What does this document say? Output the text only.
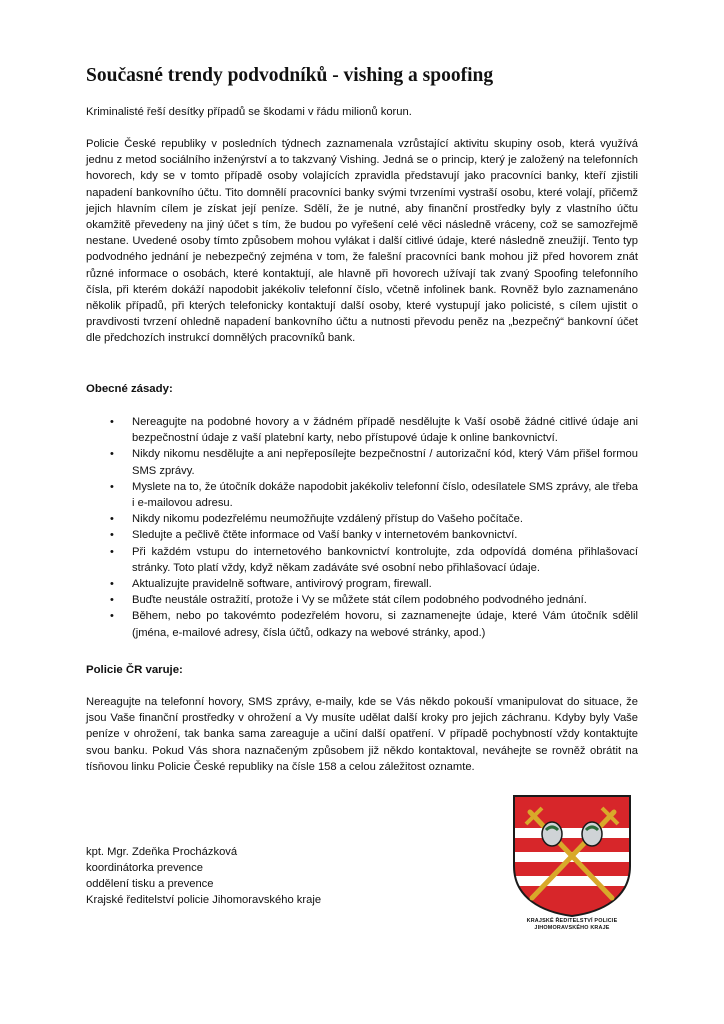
Současné trendy podvodníků - vishing a spoofing

Kriminalisté řeší desítky případů se škodami v řádu milionů korun.

Policie České republiky v posledních týdnech zaznamenala vzrůstající aktivitu skupiny osob, která využívá jednu z metod sociálního inženýrství a to takzvaný Vishing. Jedná se o princip, který je založený na telefonních hovorech, kdy se v tomto případě osoby volajících zpravidla představují jako pracovníci banky, kteří zjistili napadení bankovního účtu. Tito domnělí pracovníci banky svými tvrzeními vystraší osobu, které volají, přičemž jejich hlavním cílem je získat její peníze. Sdělí, že je nutné, aby finanční prostředky byly z vlastního účtu okamžitě převedeny na jiný účet s tím, že budou po vyřešení celé věci následně vráceny, což se samozřejmě nestane. Uvedené osoby tímto způsobem mohou vylákat i další citlivé údaje, které následně zneužijí. Tento typ podvodného jednání je nebezpečný zejména v tom, že falešní pracovníci bank mohou již před hovorem znát různé informace o osobách, které kontaktují, ale hlavně při hovorech užívají tak zvaný Spoofing telefonního čísla, při kterém dokáží napodobit jakékoliv telefonní číslo, včetně infolinek bank. Rovněž bylo zaznamenáno několik případů, při kterých telefonicky kontaktují další osoby, které vystupují jako policisté, s cílem ujistit o pravdivosti tvrzení ohledně napadení bankovního účtu a nutnosti převodu peněz na „bezpečný“ bankovní účet dle předchozích instrukcí domnělých pracovníků bank.

Obecné zásady:

• Nereagujte na podobné hovory a v žádném případě nesdělujte k Vaší osobě žádné citlivé údaje ani bezpečnostní údaje z vaší platební karty, nebo přístupové údaje k online bankovnictví.
• Nikdy nikomu nesdělujte a ani nepřeposílejte bezpečnostní / autorizační kód, který Vám přišel formou SMS zprávy.
• Myslete na to, že útočník dokáže napodobit jakékoliv telefonní číslo, odesílatele SMS zprávy, ale třeba i e-mailovou adresu.
• Nikdy nikomu podezřelému neumožňujte vzdálený přístup do Vašeho počítače.
• Sledujte a pečlivě čtěte informace od Vaší banky v internetovém bankovnictví.
• Při každém vstupu do internetového bankovnictví kontrolujte, zda odpovídá doména přihlašovací stránky. Toto platí vždy, když někam zadáváte své osobní nebo přihlašovací údaje.
• Aktualizujte pravidelně software, antivirový program, firewall.
• Buďte neustále ostražití, protože i Vy se můžete stát cílem podobného podvodného jednání.
• Během, nebo po takovémto podezřelém hovoru, si zaznamenejte údaje, které Vám útočník sdělil (jména, e-mailové adresy, čísla účtů, odkazy na webové stránky, apod.)

Policie ČR varuje:

Nereagujte na telefonní hovory, SMS zprávy, e-maily, kde se Vás někdo pokouší vmanipulovat do situace, že jsou Vaše finanční prostředky v ohrožení a Vy musíte udělat další kroky pro jejich záchranu. Kdyby byly Vaše peníze v ohrožení, tak banka sama zareaguje a učiní další opatření. V případě pochybností vždy kontaktujte svou banku. Pokud Vás shora naznačeným způsobem již někdo kontaktoval, neváhejte se rovněž obrátit na tísňovou linku Policie České republiky na čísle 158 a celou záležitost oznamte.

kpt. Mgr. Zdeňka Procházková
koordinátorka prevence
oddělení tisku a prevence
Krajské ředitelství policie Jihomoravského kraje
KRAJSKÉ ŘEDITELSTVÍ POLICIE
JIHOMORAVSKÉHO KRAJE
